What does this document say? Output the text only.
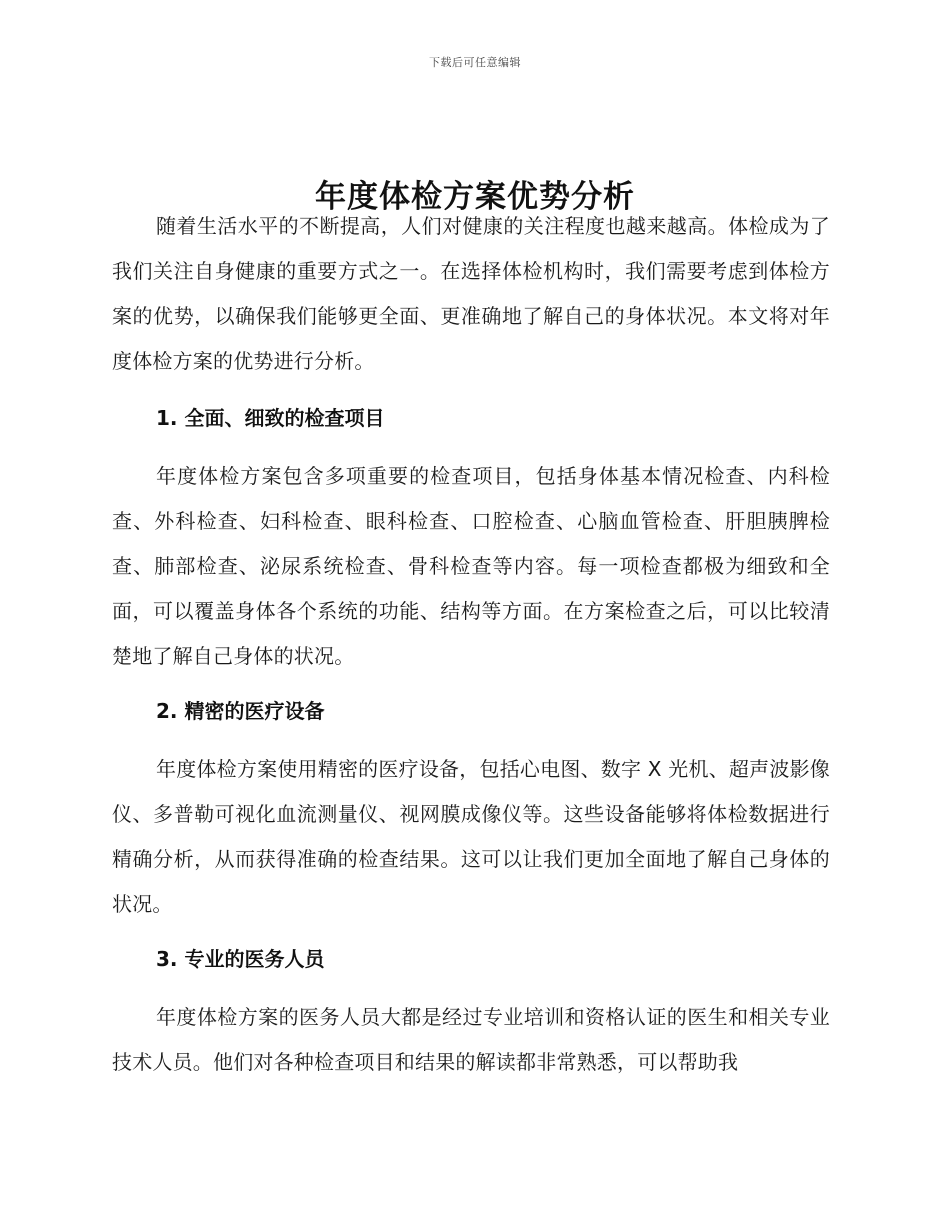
下载后可任意编辑
年度体检方案优势分析

随着生活水平的不断提高，人们对健康的关注程度也越来越高。体检成为了我们关注自身健康的重要方式之一。在选择体检机构时，我们需要考虑到体检方案的优势，以确保我们能够更全面、更准确地了解自己的身体状况。本文将对年度体检方案的优势进行分析。

1. 全面、细致的检查项目

年度体检方案包含多项重要的检查项目，包括身体基本情况检查、内科检查、外科检查、妇科检查、眼科检查、口腔检查、心脑血管检查、肝胆胰脾检查、肺部检查、泌尿系统检查、骨科检查等内容。每一项检查都极为细致和全面，可以覆盖身体各个系统的功能、结构等方面。在方案检查之后，可以比较清楚地了解自己身体的状况。

2. 精密的医疗设备

年度体检方案使用精密的医疗设备，包括心电图、数字 X 光机、超声波影像仪、多普勒可视化血流测量仪、视网膜成像仪等。这些设备能够将体检数据进行精确分析，从而获得准确的检查结果。这可以让我们更加全面地了解自己身体的状况。

3. 专业的医务人员

年度体检方案的医务人员大都是经过专业培训和资格认证的医生和相关专业技术人员。他们对各种检查项目和结果的解读都非常熟悉，可以帮助我
